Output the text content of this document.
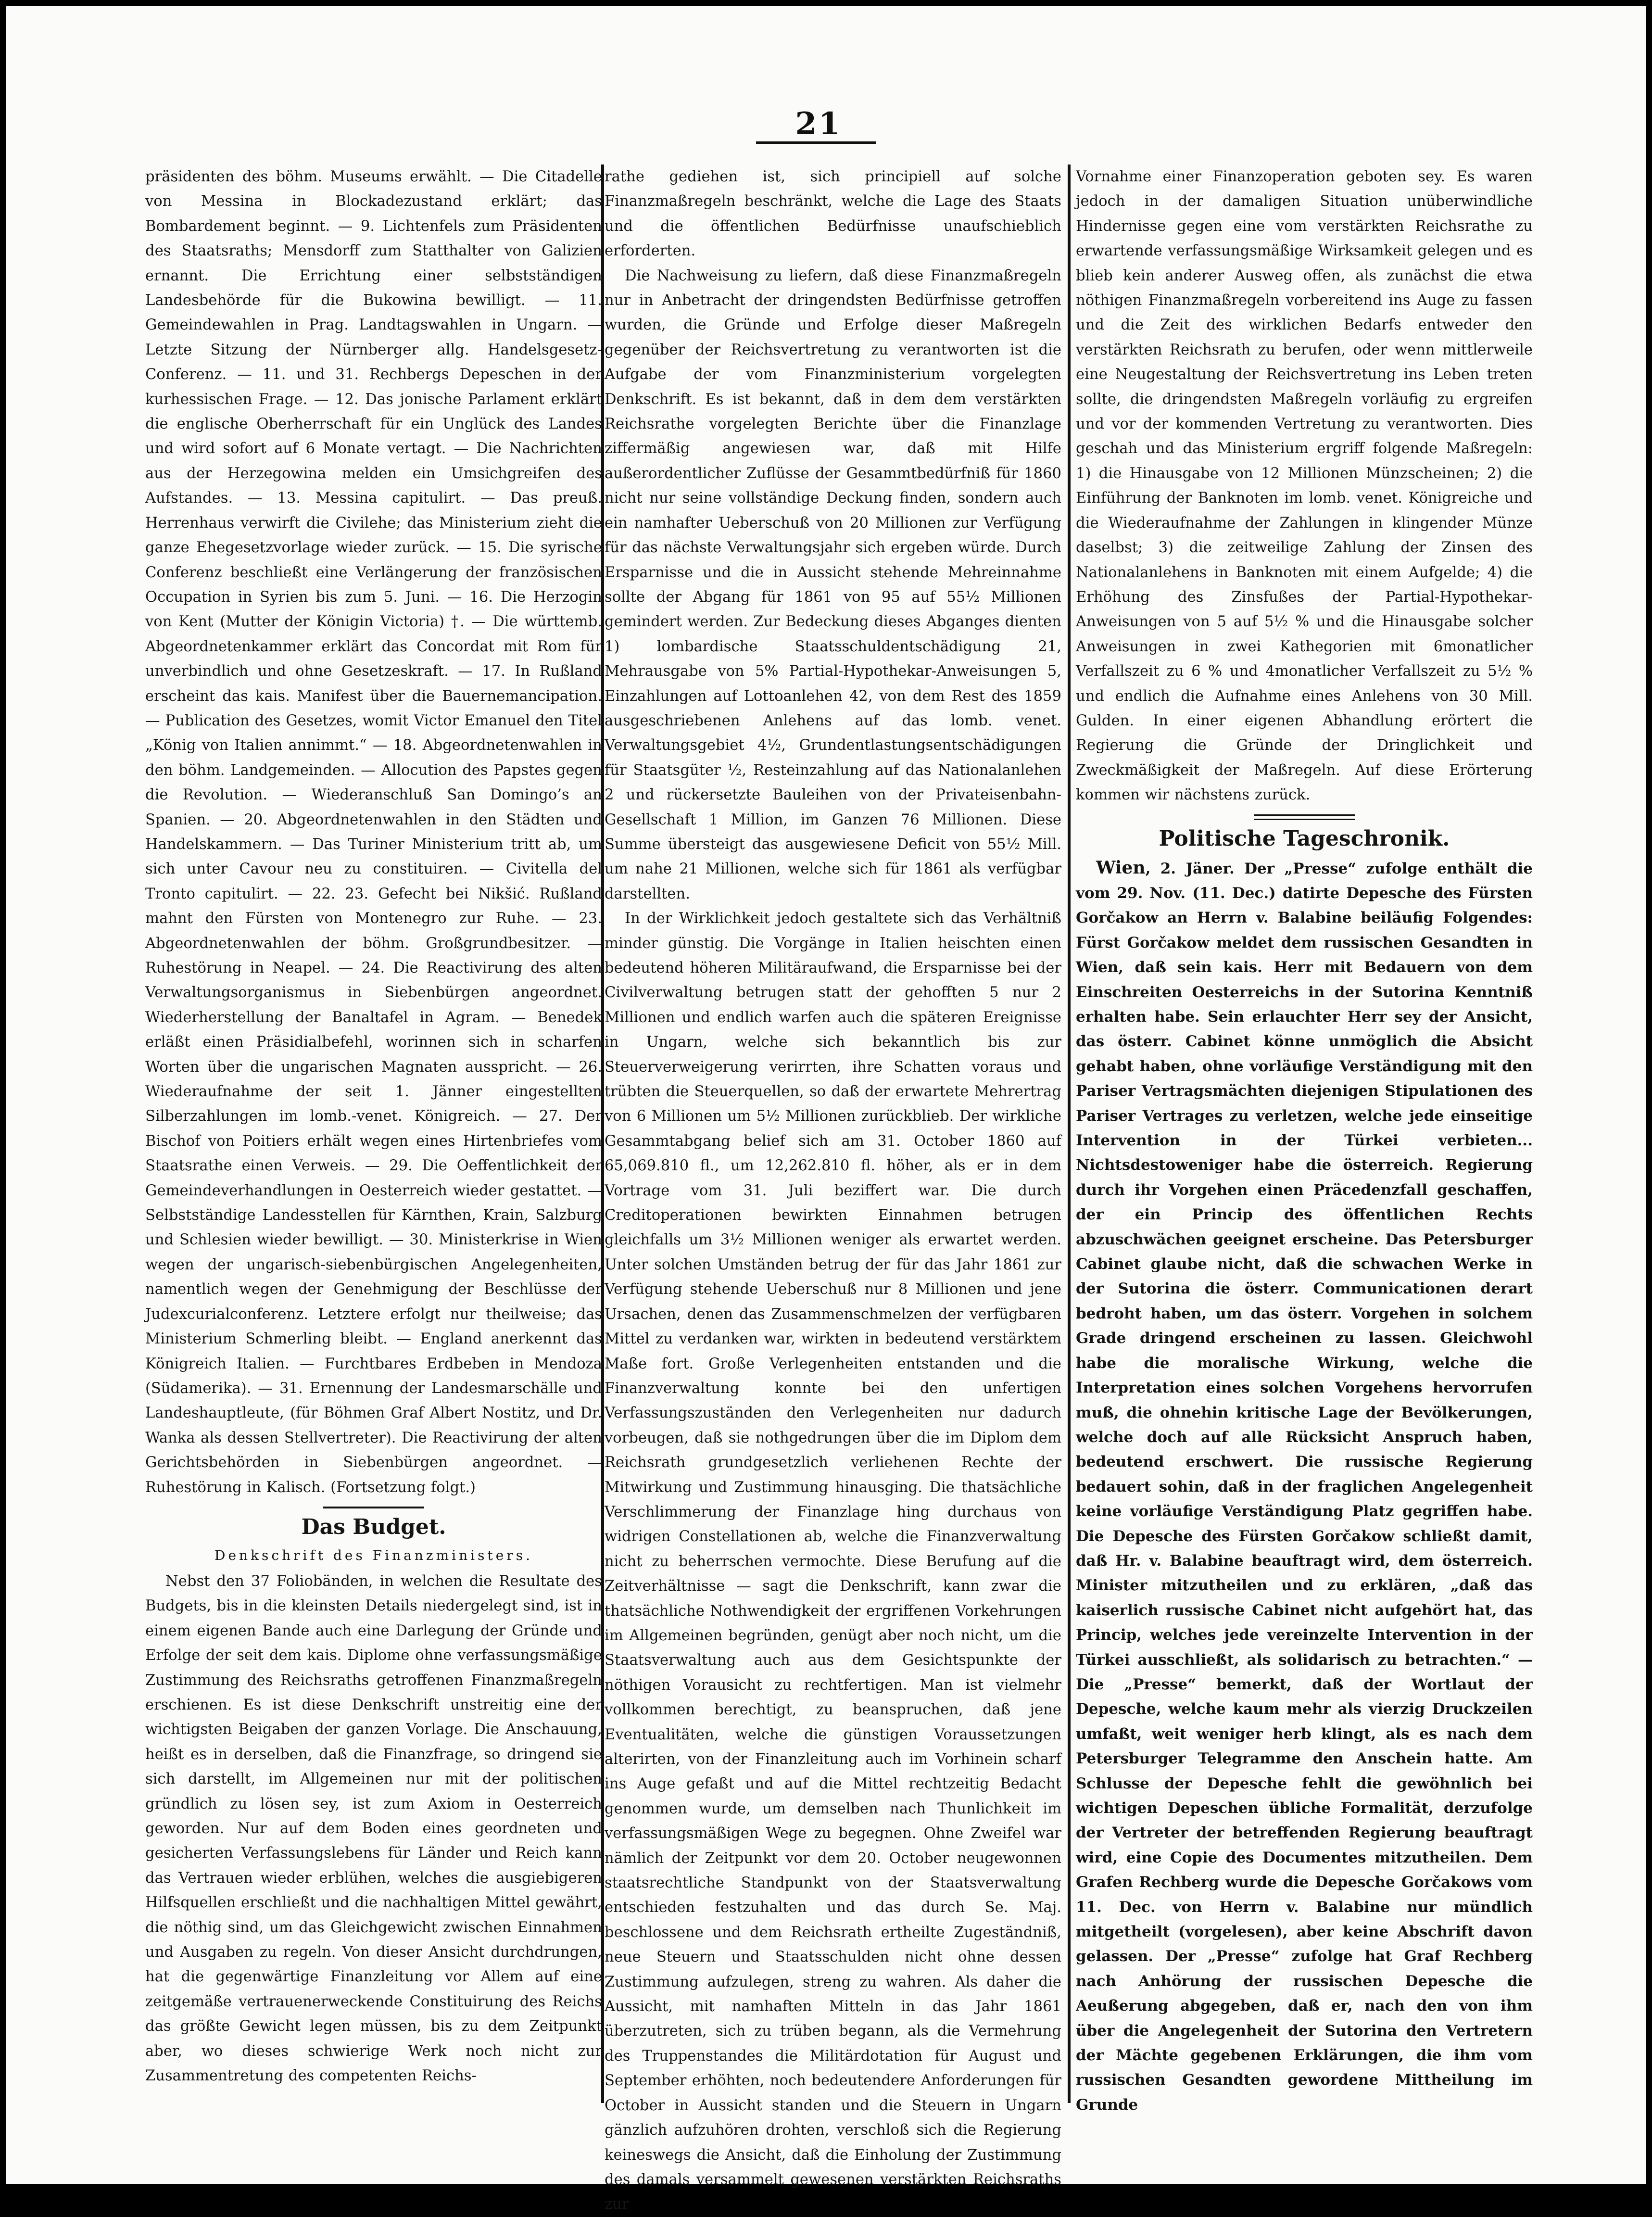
21

präsidenten des böhm. Museums erwählt. — Die Citadelle von Messina in Blockadezustand erklärt; das Bombardement beginnt. — 9. Lichtenfels zum Präsidenten des Staatsraths; Mensdorff zum Statthalter von Galizien ernannt. Die Errichtung einer selbstständigen Landesbehörde für die Bukowina bewilligt. — 11. Gemeindewahlen in Prag. Landtagswahlen in Ungarn. — Letzte Sitzung der Nürnberger allg. Handelsgesetz-Conferenz. — 11. und 31. Rechbergs Depeschen in der kurhessischen Frage. — 12. Das jonische Parlament erklärt die englische Oberherrschaft für ein Unglück des Landes und wird sofort auf 6 Monate vertagt. — Die Nachrichten aus der Herzegowina melden ein Umsichgreifen des Aufstandes. — 13. Messina capitulirt. — Das preuß. Herrenhaus verwirft die Civilehe; das Ministerium zieht die ganze Ehegesetzvorlage wieder zurück. — 15. Die syrische Conferenz beschließt eine Verlängerung der französischen Occupation in Syrien bis zum 5. Juni. — 16. Die Herzogin von Kent (Mutter der Königin Victoria) †. — Die württemb. Abgeordnetenkammer erklärt das Concordat mit Rom für unverbindlich und ohne Gesetzeskraft. — 17. In Rußland erscheint das kais. Manifest über die Bauernemancipation. — Publication des Gesetzes, womit Victor Emanuel den Titel „König von Italien annimmt.“ — 18. Abgeordnetenwahlen in den böhm. Landgemeinden. — Allocution des Papstes gegen die Revolution. — Wiederanschluß San Domingo’s an Spanien. — 20. Abgeordnetenwahlen in den Städten und Handelskammern. — Das Turiner Ministerium tritt ab, um sich unter Cavour neu zu constituiren. — Civitella del Tronto capitulirt. — 22. 23. Gefecht bei Nikšić. Rußland mahnt den Fürsten von Montenegro zur Ruhe. — 23. Abgeordnetenwahlen der böhm. Großgrundbesitzer. — Ruhestörung in Neapel. — 24. Die Reactivirung des alten Verwaltungsorganismus in Siebenbürgen angeordnet. Wiederherstellung der Banaltafel in Agram. — Benedek erläßt einen Präsidialbefehl, worinnen sich in scharfen Worten über die ungarischen Magnaten ausspricht. — 26. Wiederaufnahme der seit 1. Jänner eingestellten Silberzahlungen im lomb.-venet. Königreich. — 27. Der Bischof von Poitiers erhält wegen eines Hirtenbriefes vom Staatsrathe einen Verweis. — 29. Die Oeffentlichkeit der Gemeindeverhandlungen in Oesterreich wieder gestattet. — Selbstständige Landesstellen für Kärnthen, Krain, Salzburg und Schlesien wieder bewilligt. — 30. Ministerkrise in Wien wegen der ungarisch-siebenbürgischen Angelegenheiten, namentlich wegen der Genehmigung der Beschlüsse der Judexcurialconferenz. Letztere erfolgt nur theilweise; das Ministerium Schmerling bleibt. — England anerkennt das Königreich Italien. — Furchtbares Erdbeben in Mendoza (Südamerika). — 31. Ernennung der Landesmarschälle und Landeshauptleute, (für Böhmen Graf Albert Nostitz, und Dr. Wanka als dessen Stellvertreter). Die Reactivirung der alten Gerichtsbehörden in Siebenbürgen angeordnet. — Ruhestörung in Kalisch. (Fortsetzung folgt.)

Das Budget.
Denkschrift des Finanzministers.

Nebst den 37 Foliobänden, in welchen die Resultate des Budgets, bis in die kleinsten Details niedergelegt sind, ist in einem eigenen Bande auch eine Darlegung der Gründe und Erfolge der seit dem kais. Diplome ohne verfassungsmäßige Zustimmung des Reichsraths getroffenen Finanzmaßregeln erschienen. Es ist diese Denkschrift unstreitig eine der wichtigsten Beigaben der ganzen Vorlage. Die Anschauung, heißt es in derselben, daß die Finanzfrage, so dringend sie sich darstellt, im Allgemeinen nur mit der politischen gründlich zu lösen sey, ist zum Axiom in Oesterreich geworden. Nur auf dem Boden eines geordneten und gesicherten Verfassungslebens für Länder und Reich kann das Vertrauen wieder erblühen, welches die ausgiebigeren Hilfsquellen erschließt und die nachhaltigen Mittel gewährt, die nöthig sind, um das Gleichgewicht zwischen Einnahmen und Ausgaben zu regeln. Von dieser Ansicht durchdrungen, hat die gegenwärtige Finanzleitung vor Allem auf eine zeitgemäße vertrauenerweckende Constituirung des Reichs das größte Gewicht legen müssen, bis zu dem Zeitpunkt aber, wo dieses schwierige Werk noch nicht zur Zusammentretung des competenten Reichs-

rathe gediehen ist, sich principiell auf solche Finanzmaßregeln beschränkt, welche die Lage des Staats und die öffentlichen Bedürfnisse unaufschieblich erforderten.

Die Nachweisung zu liefern, daß diese Finanzmaßregeln nur in Anbetracht der dringendsten Bedürfnisse getroffen wurden, die Gründe und Erfolge dieser Maßregeln gegenüber der Reichsvertretung zu verantworten ist die Aufgabe der vom Finanzministerium vorgelegten Denkschrift. Es ist bekannt, daß in dem dem verstärkten Reichsrathe vorgelegten Berichte über die Finanzlage ziffermäßig angewiesen war, daß mit Hilfe außerordentlicher Zuflüsse der Gesammtbedürfniß für 1860 nicht nur seine vollständige Deckung finden, sondern auch ein namhafter Ueberschuß von 20 Millionen zur Verfügung für das nächste Verwaltungsjahr sich ergeben würde. Durch Ersparnisse und die in Aussicht stehende Mehreinnahme sollte der Abgang für 1861 von 95 auf 55½ Millionen gemindert werden. Zur Bedeckung dieses Abganges dienten 1) lombardische Staatsschuldentschädigung 21, Mehrausgabe von 5% Partial-Hypothekar-Anweisungen 5, Einzahlungen auf Lottoanlehen 42, von dem Rest des 1859 ausgeschriebenen Anlehens auf das lomb. venet. Verwaltungsgebiet 4½, Grundentlastungsentschädigungen für Staatsgüter ½, Resteinzahlung auf das Nationalanlehen 2 und rückersetzte Bauleihen von der Privateisenbahn-Gesellschaft 1 Million, im Ganzen 76 Millionen. Diese Summe übersteigt das ausgewiesene Deficit von 55½ Mill. um nahe 21 Millionen, welche sich für 1861 als verfügbar darstellten.

In der Wirklichkeit jedoch gestaltete sich das Verhältniß minder günstig. Die Vorgänge in Italien heischten einen bedeutend höheren Militäraufwand, die Ersparnisse bei der Civilverwaltung betrugen statt der gehofften 5 nur 2 Millionen und endlich warfen auch die späteren Ereignisse in Ungarn, welche sich bekanntlich bis zur Steuerverweigerung verirrten, ihre Schatten voraus und trübten die Steuerquellen, so daß der erwartete Mehrertrag von 6 Millionen um 5½ Millionen zurückblieb. Der wirkliche Gesammtabgang belief sich am 31. October 1860 auf 65,069.810 fl., um 12,262.810 fl. höher, als er in dem Vortrage vom 31. Juli beziffert war. Die durch Creditoperationen bewirkten Einnahmen betrugen gleichfalls um 3½ Millionen weniger als erwartet werden. Unter solchen Umständen betrug der für das Jahr 1861 zur Verfügung stehende Ueberschuß nur 8 Millionen und jene Ursachen, denen das Zusammenschmelzen der verfügbaren Mittel zu verdanken war, wirkten in bedeutend verstärktem Maße fort. Große Verlegenheiten entstanden und die Finanzverwaltung konnte bei den unfertigen Verfassungszuständen den Verlegenheiten nur dadurch vorbeugen, daß sie nothgedrungen über die im Diplom dem Reichsrath grundgesetzlich verliehenen Rechte der Mitwirkung und Zustimmung hinausging. Die thatsächliche Verschlimmerung der Finanzlage hing durchaus von widrigen Constellationen ab, welche die Finanzverwaltung nicht zu beherrschen vermochte. Diese Berufung auf die Zeitverhältnisse — sagt die Denkschrift, kann zwar die thatsächliche Nothwendigkeit der ergriffenen Vorkehrungen im Allgemeinen begründen, genügt aber noch nicht, um die Staatsverwaltung auch aus dem Gesichtspunkte der nöthigen Vorausicht zu rechtfertigen. Man ist vielmehr vollkommen berechtigt, zu beanspruchen, daß jene Eventualitäten, welche die günstigen Voraussetzungen alterirten, von der Finanzleitung auch im Vorhinein scharf ins Auge gefaßt und auf die Mittel rechtzeitig Bedacht genommen wurde, um demselben nach Thunlichkeit im verfassungsmäßigen Wege zu begegnen. Ohne Zweifel war nämlich der Zeitpunkt vor dem 20. October neugewonnen staatsrechtliche Standpunkt von der Staatsverwaltung entschieden festzuhalten und das durch Se. Maj. beschlossene und dem Reichsrath ertheilte Zugeständniß, neue Steuern und Staatsschulden nicht ohne dessen Zustimmung aufzulegen, streng zu wahren. Als daher die Aussicht, mit namhaften Mitteln in das Jahr 1861 überzutreten, sich zu trüben begann, als die Vermehrung des Truppenstandes die Militärdotation für August und September erhöhten, noch bedeutendere Anforderungen für October in Aussicht standen und die Steuern in Ungarn gänzlich aufzuhören drohten, verschloß sich die Regierung keineswegs die Ansicht, daß die Einholung der Zustimmung des damals versammelt gewesenen verstärkten Reichsraths zur

Vornahme einer Finanzoperation geboten sey. Es waren jedoch in der damaligen Situation unüberwindliche Hindernisse gegen eine vom verstärkten Reichsrathe zu erwartende verfassungsmäßige Wirksamkeit gelegen und es blieb kein anderer Ausweg offen, als zunächst die etwa nöthigen Finanzmaßregeln vorbereitend ins Auge zu fassen und die Zeit des wirklichen Bedarfs entweder den verstärkten Reichsrath zu berufen, oder wenn mittlerweile eine Neugestaltung der Reichsvertretung ins Leben treten sollte, die dringendsten Maßregeln vorläufig zu ergreifen und vor der kommenden Vertretung zu verantworten. Dies geschah und das Ministerium ergriff folgende Maßregeln: 1) die Hinausgabe von 12 Millionen Münzscheinen; 2) die Einführung der Banknoten im lomb. venet. Königreiche und die Wiederaufnahme der Zahlungen in klingender Münze daselbst; 3) die zeitweilige Zahlung der Zinsen des Nationalanlehens in Banknoten mit einem Aufgelde; 4) die Erhöhung des Zinsfußes der Partial-Hypothekar-Anweisungen von 5 auf 5½ % und die Hinausgabe solcher Anweisungen in zwei Kathegorien mit 6monatlicher Verfallszeit zu 6 % und 4monatlicher Verfallszeit zu 5½ % und endlich die Aufnahme eines Anlehens von 30 Mill. Gulden. In einer eigenen Abhandlung erörtert die Regierung die Gründe der Dringlichkeit und Zweckmäßigkeit der Maßregeln. Auf diese Erörterung kommen wir nächstens zurück.

Politische Tageschronik.

Wien, 2. Jäner. Der „Presse“ zufolge enthält die vom 29. Nov. (11. Dec.) datirte Depesche des Fürsten Gorčakow an Herrn v. Balabine beiläufig Folgendes: Fürst Gorčakow meldet dem russischen Gesandten in Wien, daß sein kais. Herr mit Bedauern von dem Einschreiten Oesterreichs in der Sutorina Kenntniß erhalten habe. Sein erlauchter Herr sey der Ansicht, das österr. Cabinet könne unmöglich die Absicht gehabt haben, ohne vorläufige Verständigung mit den Pariser Vertragsmächten diejenigen Stipulationen des Pariser Vertrages zu verletzen, welche jede einseitige Intervention in der Türkei verbieten... Nichtsdestoweniger habe die österreich. Regierung durch ihr Vorgehen einen Präcedenzfall geschaffen, der ein Princip des öffentlichen Rechts abzuschwächen geeignet erscheine. Das Petersburger Cabinet glaube nicht, daß die schwachen Werke in der Sutorina die österr. Communicationen derart bedroht haben, um das österr. Vorgehen in solchem Grade dringend erscheinen zu lassen. Gleichwohl habe die moralische Wirkung, welche die Interpretation eines solchen Vorgehens hervorrufen muß, die ohnehin kritische Lage der Bevölkerungen, welche doch auf alle Rücksicht Anspruch haben, bedeutend erschwert. Die russische Regierung bedauert sohin, daß in der fraglichen Angelegenheit keine vorläufige Verständigung Platz gegriffen habe. Die Depesche des Fürsten Gorčakow schließt damit, daß Hr. v. Balabine beauftragt wird, dem österreich. Minister mitzutheilen und zu erklären, „daß das kaiserlich russische Cabinet nicht aufgehört hat, das Princip, welches jede vereinzelte Intervention in der Türkei ausschließt, als solidarisch zu betrachten.“ — Die „Presse“ bemerkt, daß der Wortlaut der Depesche, welche kaum mehr als vierzig Druckzeilen umfaßt, weit weniger herb klingt, als es nach dem Petersburger Telegramme den Anschein hatte. Am Schlusse der Depesche fehlt die gewöhnlich bei wichtigen Depeschen übliche Formalität, derzufolge der Vertreter der betreffenden Regierung beauftragt wird, eine Copie des Documentes mitzutheilen. Dem Grafen Rechberg wurde die Depesche Gorčakows vom 11. Dec. von Herrn v. Balabine nur mündlich mitgetheilt (vorgelesen), aber keine Abschrift davon gelassen. Der „Presse“ zufolge hat Graf Rechberg nach Anhörung der russischen Depesche die Aeußerung abgegeben, daß er, nach den von ihm über die Angelegenheit der Sutorina den Vertretern der Mächte gegebenen Erklärungen, die ihm vom russischen Gesandten gewordene Mittheilung im Grunde
